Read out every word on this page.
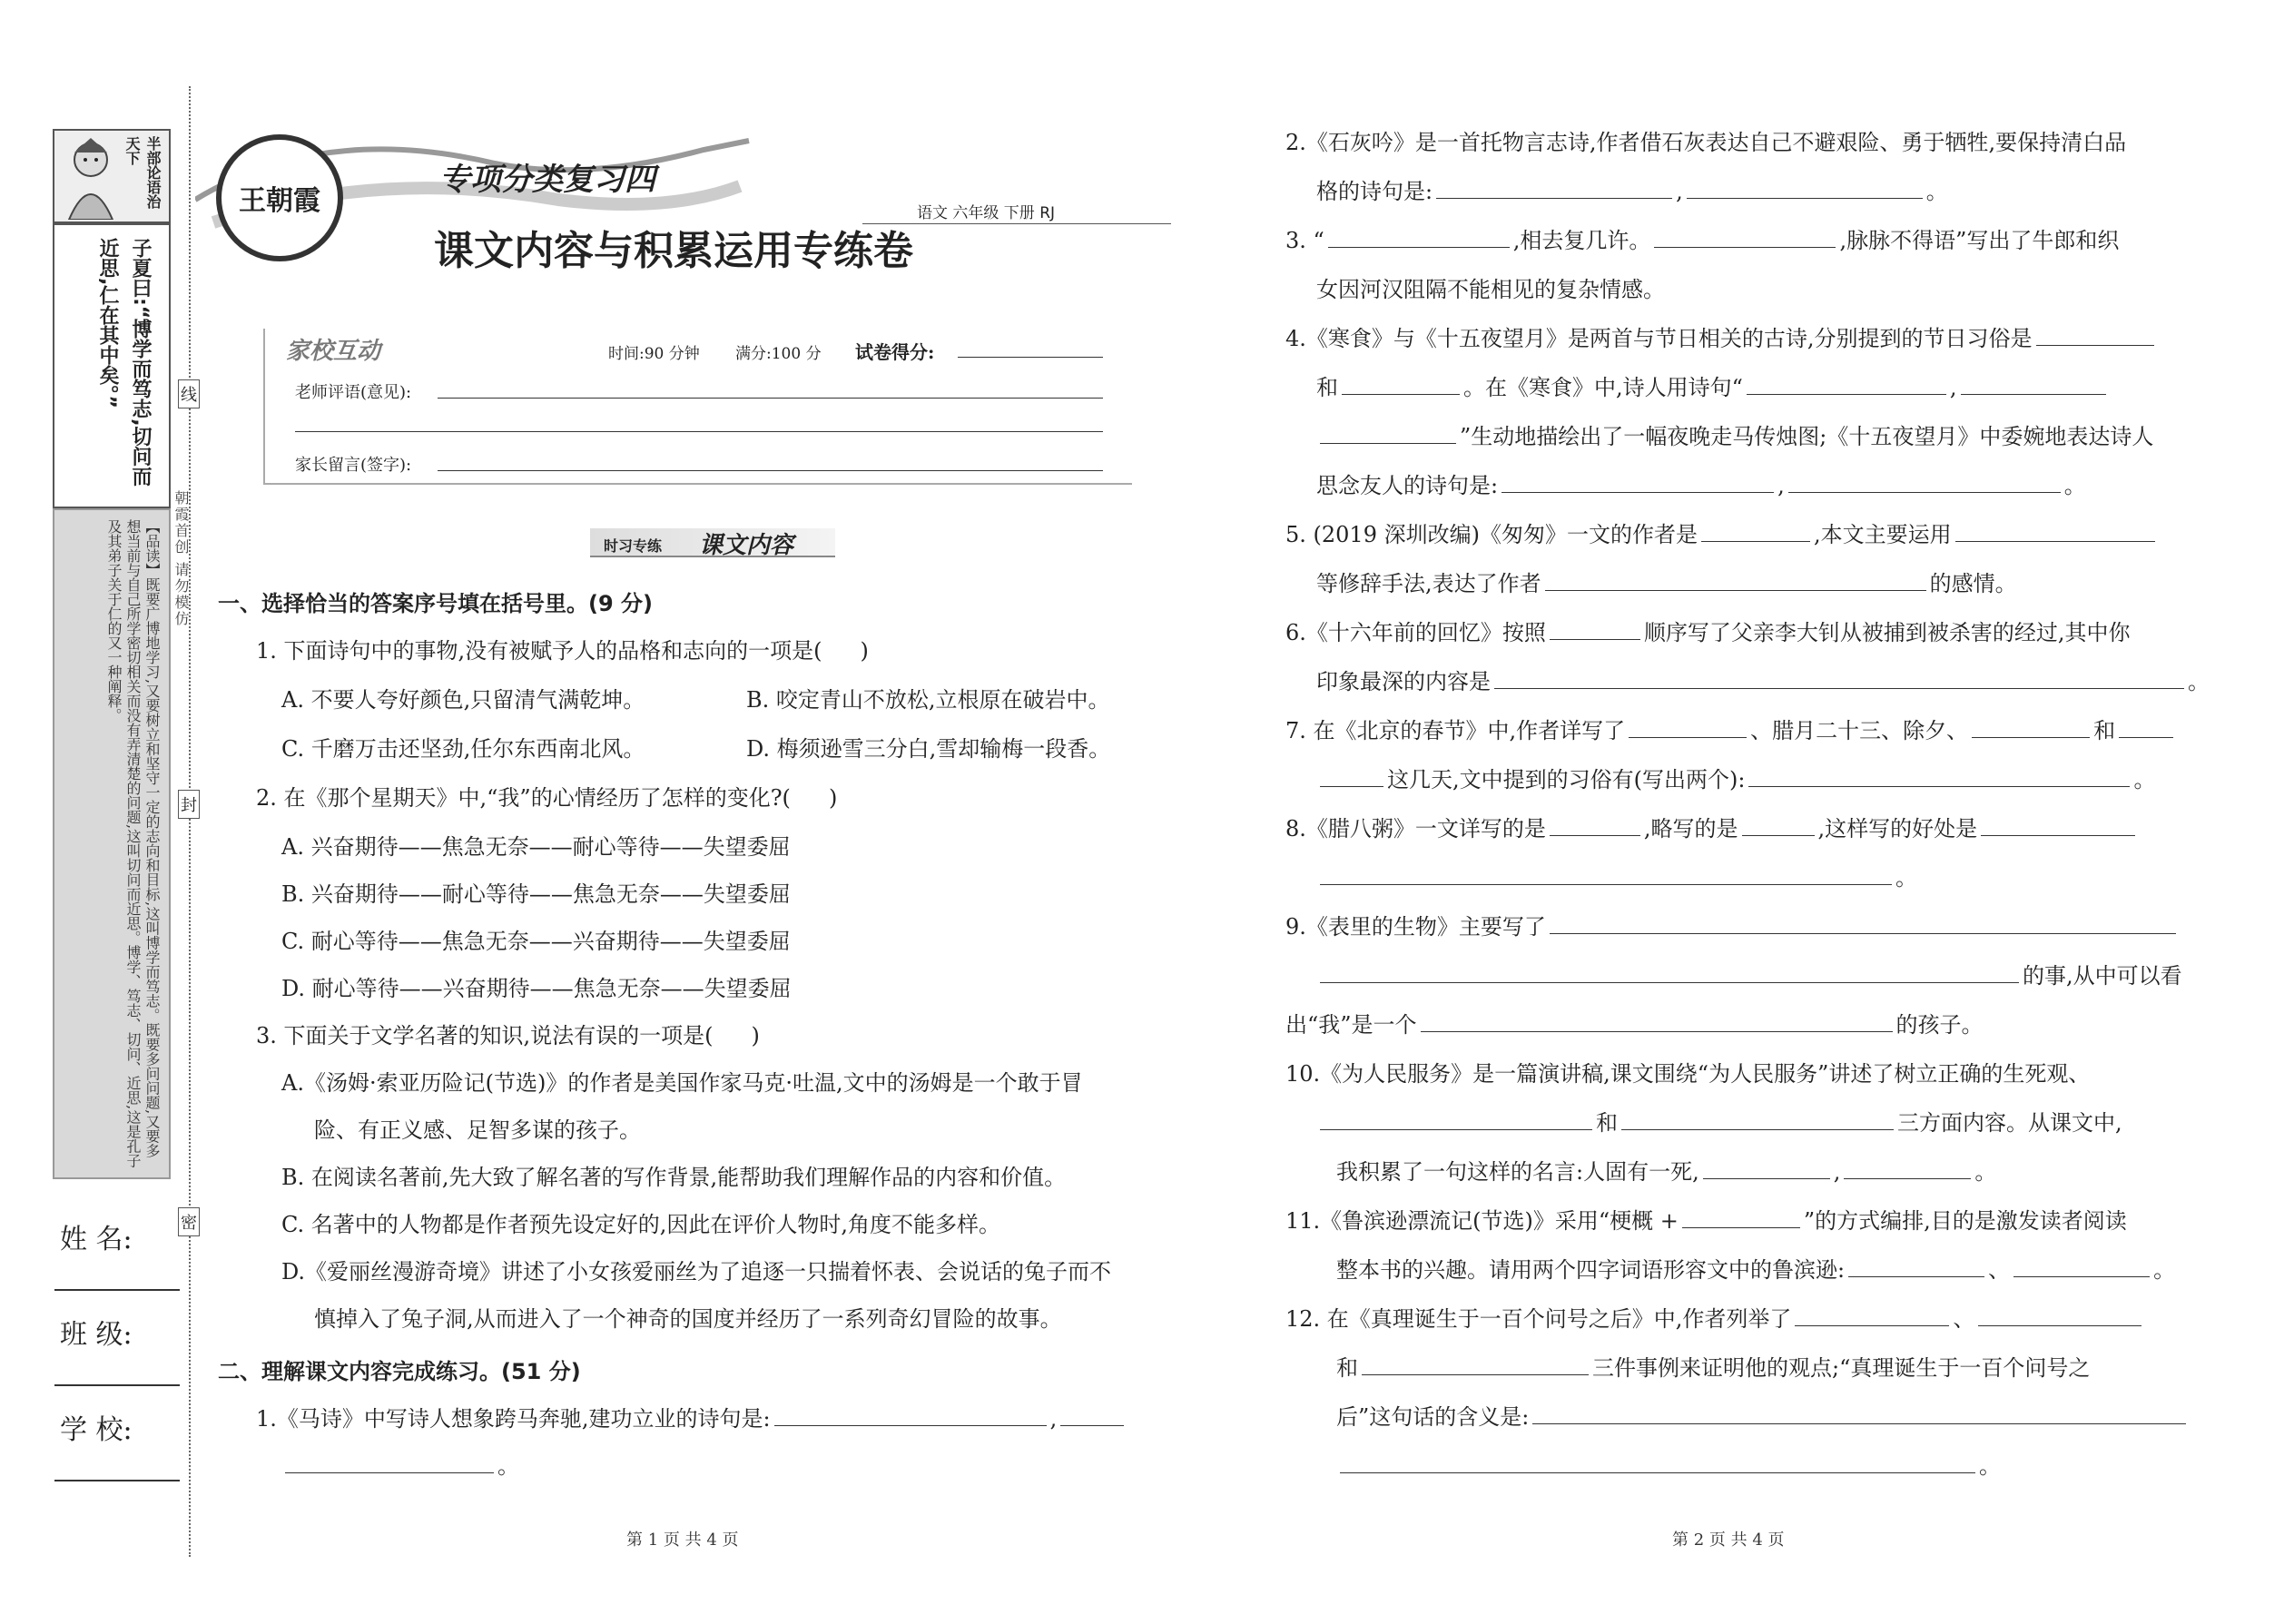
半部论语治天下
子夏曰:“博学而笃志,切问而近思,仁在其中矣。”
【品读】既要广博地学习,又要树立和坚守一定的志向和目标,这叫博学而笃志。既要多问问题,又要多想当前与自己所学密切相关而没有弄清楚的问题,这叫切问而近思。博学、笃志、切问、近思,这是孔子及其弟子关于仁的又一种阐释。
线
封
密
朝霞首创 请勿模仿
姓 名:
班 级:
学 校:
王朝霞
专项分类复习四
课文内容与积累运用专练卷
语文 六年级 下册 RJ
家校互动	时间:90 分钟 满分:100 分 试卷得分:
老师评语(意见):
家长留言(签字):
时习专练 课文内容
一、选择恰当的答案序号填在括号里。(9 分)
1. 下面诗句中的事物,没有被赋予人的品格和志向的一项是( )
A. 不要人夸好颜色,只留清气满乾坤。	B. 咬定青山不放松,立根原在破岩中。
C. 千磨万击还坚劲,任尔东西南北风。	D. 梅须逊雪三分白,雪却输梅一段香。
2. 在《那个星期天》中,“我”的心情经历了怎样的变化?( )
A. 兴奋期待——焦急无奈——耐心等待——失望委屈
B. 兴奋期待——耐心等待——焦急无奈——失望委屈
C. 耐心等待——焦急无奈——兴奋期待——失望委屈
D. 耐心等待——兴奋期待——焦急无奈——失望委屈
3. 下面关于文学名著的知识,说法有误的一项是( )
A.《汤姆·索亚历险记(节选)》的作者是美国作家马克·吐温,文中的汤姆是一个敢于冒
险、有正义感、足智多谋的孩子。
B. 在阅读名著前,先大致了解名著的写作背景,能帮助我们理解作品的内容和价值。
C. 名著中的人物都是作者预先设定好的,因此在评价人物时,角度不能多样。
D.《爱丽丝漫游奇境》讲述了小女孩爱丽丝为了追逐一只揣着怀表、会说话的兔子而不
慎掉入了兔子洞,从而进入了一个神奇的国度并经历了一系列奇幻冒险的故事。
二、理解课文内容完成练习。(51 分)
1.《马诗》中写诗人想象跨马奔驰,建功立业的诗句是:	,
。
第 1 页 共 4 页
2.《石灰吟》是一首托物言志诗,作者借石灰表达自己不避艰险、勇于牺牲,要保持清白品
格的诗句是:	,	。
3. “	,相去复几许。	,脉脉不得语”写出了牛郎和织
女因河汉阻隔不能相见的复杂情感。
4.《寒食》与《十五夜望月》是两首与节日相关的古诗,分别提到的节日习俗是
和	。在《寒食》中,诗人用诗句“	,
”生动地描绘出了一幅夜晚走马传烛图;《十五夜望月》中委婉地表达诗人
思念友人的诗句是:	,	。
5. (2019 深圳改编)《匆匆》一文的作者是	,本文主要运用
等修辞手法,表达了作者	的感情。
6.《十六年前的回忆》按照	顺序写了父亲李大钊从被捕到被杀害的经过,其中你
印象最深的内容是	。
7. 在《北京的春节》中,作者详写了	、腊月二十三、除夕、	和
这几天,文中提到的习俗有(写出两个):	。
8.《腊八粥》一文详写的是	,略写的是	,这样写的好处是
。
9.《表里的生物》主要写了
的事,从中可以看
出“我”是一个	的孩子。
10.《为人民服务》是一篇演讲稿,课文围绕“为人民服务”讲述了树立正确的生死观、
和	三方面内容。从课文中,
我积累了一句这样的名言:人固有一死,	,	。
11.《鲁滨逊漂流记(节选)》采用“梗概 +	”的方式编排,目的是激发读者阅读
整本书的兴趣。请用两个四字词语形容文中的鲁滨逊:	、	。
12. 在《真理诞生于一百个问号之后》中,作者列举了	、
和	三件事例来证明他的观点;“真理诞生于一百个问号之
后”这句话的含义是:
。
第 2 页 共 4 页
